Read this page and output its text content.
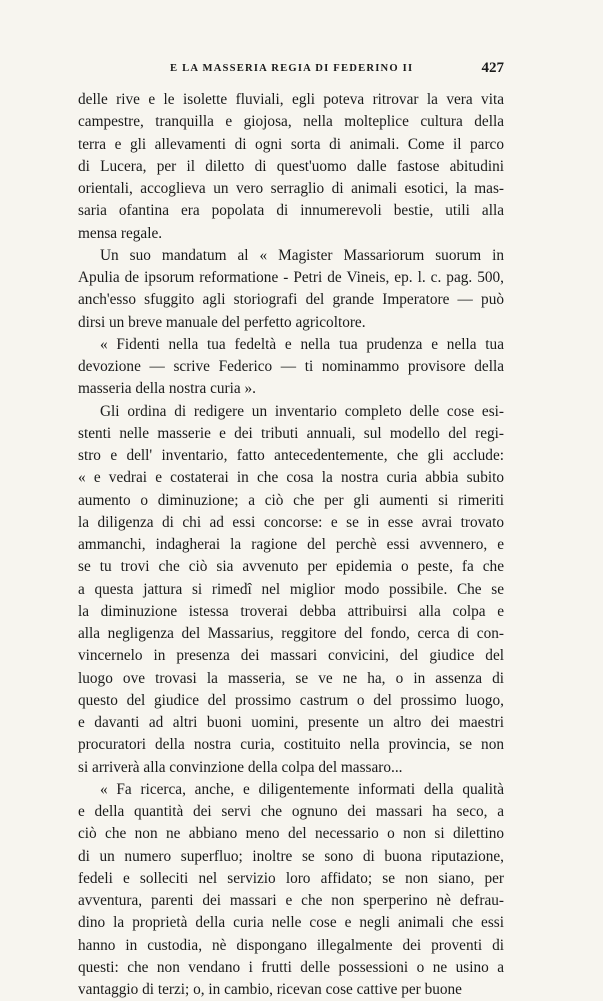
E LA MASSERIA REGIA DI FEDERINO II	427
delle rive e le isolette fluviali, egli poteva ritrovar la vera vita
campestre, tranquilla e giojosa, nella molteplice cultura della
terra e gli allevamenti di ogni sorta di animali. Come il parco
di Lucera, per il diletto di quest'uomo dalle fastose abitudini
orientali, accoglieva un vero serraglio di animali esotici, la mas-
saria ofantina era popolata di innumerevoli bestie, utili alla
mensa regale.
Un suo mandatum al « Magister Massariorum suorum in
Apulia de ipsorum reformatione - Petri de Vineis, ep. l. c. pag. 500,
anch'esso sfuggito agli storiografi del grande Imperatore — può
dirsi un breve manuale del perfetto agricoltore.
« Fidenti nella tua fedeltà e nella tua prudenza e nella tua
devozione — scrive Federico — ti nominammo provisore della
masseria della nostra curia ».
Gli ordina di redigere un inventario completo delle cose esi-
stenti nelle masserie e dei tributi annuali, sul modello del regi-
stro e dell' inventario, fatto antecedentemente, che gli acclude:
« e vedrai e costaterai in che cosa la nostra curia abbia subito
aumento o diminuzione; a ciò che per gli aumenti si rimeriti
la diligenza di chi ad essi concorse: e se in esse avrai trovato
ammanchi, indagherai la ragione del perchè essi avvennero, e
se tu trovi che ciò sia avvenuto per epidemia o peste, fa che
a questa jattura si rimedî nel miglior modo possibile. Che se
la diminuzione istessa troverai debba attribuirsi alla colpa e
alla negligenza del Massarius, reggitore del fondo, cerca di con-
vincernelo in presenza dei massari convicini, del giudice del
luogo ove trovasi la masseria, se ve ne ha, o in assenza di
questo del giudice del prossimo castrum o del prossimo luogo,
e davanti ad altri buoni uomini, presente un altro dei maestri
procuratori della nostra curia, costituito nella provincia, se non
si arriverà alla convinzione della colpa del massaro...
« Fa ricerca, anche, e diligentemente informati della qualità
e della quantità dei servi che ognuno dei massari ha seco, a
ciò che non ne abbiano meno del necessario o non si dilettino
di un numero superfluo; inoltre se sono di buona riputazione,
fedeli e solleciti nel servizio loro affidato; se non siano, per
avventura, parenti dei massari e che non sperperino nè defrau-
dino la proprietà della curia nelle cose e negli animali che essi
hanno in custodia, nè dispongano illegalmente dei proventi di
questi: che non vendano i frutti delle possessioni o ne usino a
vantaggio di terzi; o, in cambio, ricevan cose cattive per buone
